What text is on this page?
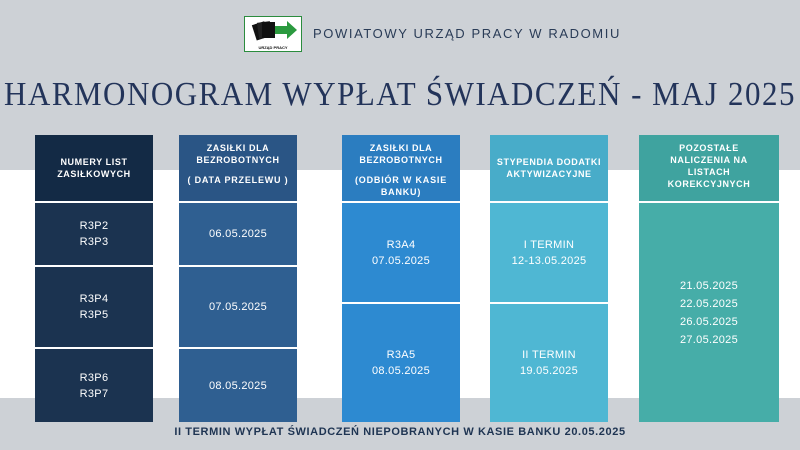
URZĄD PRACY
POWIATOWY URZĄD PRACY W RADOMIU
HARMONOGRAM WYPŁAT ŚWIADCZEŃ - MAJ 2025
NUMERY LIST ZASIŁKOWYCH
R3P2
R3P3
R3P4
R3P5
R3P6
R3P7
ZASIŁKI DLA BEZROBOTNYCH
( DATA PRZELEWU )
06.05.2025
07.05.2025
08.05.2025
ZASIŁKI DLA BEZROBOTNYCH
(ODBIÓR W KASIE BANKU)
R3A4
07.05.2025
R3A5
08.05.2025
STYPENDIA DODATKI AKTYWIZACYJNE
I TERMIN
12-13.05.2025
II TERMIN
19.05.2025
POZOSTAŁE NALICZENIA NA LISTACH KOREKCYJNYCH
21.05.2025
22.05.2025
26.05.2025
27.05.2025
II TERMIN WYPŁAT ŚWIADCZEŃ NIEPOBRANYCH W KASIE BANKU 20.05.2025
